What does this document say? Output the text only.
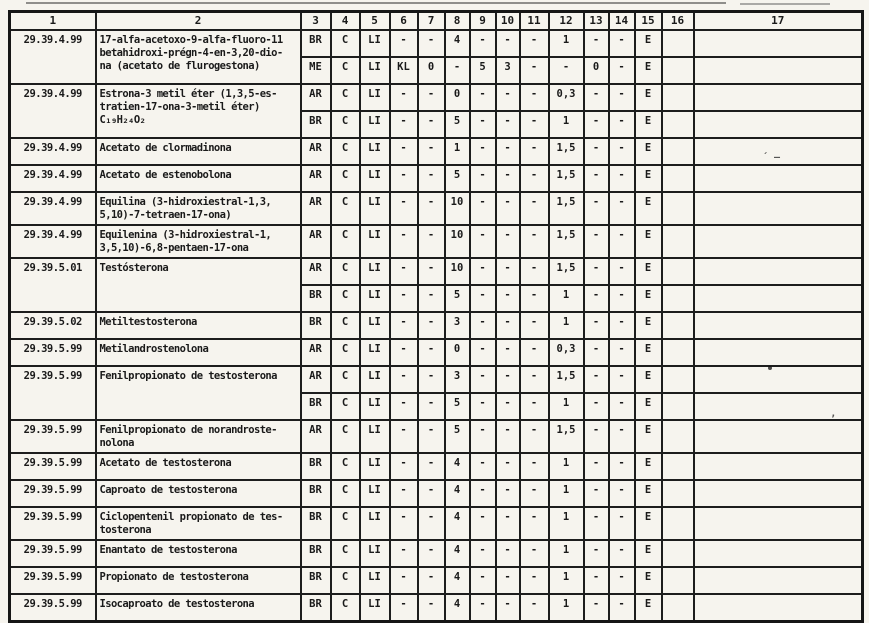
1	2	3	4	5	6	7	8	9	10	11	12	13	14	15	16	17
29.39.4.99	17-alfa-acetoxo-9-alfa-fluoro-11
betahidroxi-prégn-4-en-3,20-dio-
na (acetato de flurogestona)	BR	C	LI	-	-	4	-	-	-	1	-	-	E		
		ME	C	LI	KL	0	-	5	3	-	-	0	-	E		
29.39.4.99	Estrona-3 metil éter (1,3,5-es-
tratien-17-ona-3-metil éter)
C₁₉H₂₄O₂	AR	C	LI	-	-	0	-	-	-	0,3	-	-	E		
		BR	C	LI	-	-	5	-	-	-	1	-	-	E		
29.39.4.99	Acetato de clormadinona	AR	C	LI	-	-	1	-	-	-	1,5	-	-	E		
29.39.4.99	Acetato de estenobolona	AR	C	LI	-	-	5	-	-	-	1,5	-	-	E		
29.39.4.99	Equilina (3-hidroxiestral-1,3,
5,10)-7-tetraen-17-ona)	AR	C	LI	-	-	10	-	-	-	1,5	-	-	E		
29.39.4.99	Equilenina (3-hidroxiestral-1,
3,5,10)-6,8-pentaen-17-ona	AR	C	LI	-	-	10	-	-	-	1,5	-	-	E		
29.39.5.01	Testósterona	AR	C	LI	-	-	10	-	-	-	1,5	-	-	E		
		BR	C	LI	-	-	5	-	-	-	1	-	-	E		
29.39.5.02	Metiltestosterona	BR	C	LI	-	-	3	-	-	-	1	-	-	E		
29.39.5.99	Metilandrostenolona	AR	C	LI	-	-	0	-	-	-	0,3	-	-	E		
29.39.5.99	Fenilpropionato de testosterona	AR	C	LI	-	-	3	-	-	-	1,5	-	-	E		
		BR	C	LI	-	-	5	-	-	-	1	-	-	E		
29.39.5.99	Fenilpropionato de norandroste-
nolona	AR	C	LI	-	-	5	-	-	-	1,5	-	-	E		
29.39.5.99	Acetato de testosterona	BR	C	LI	-	-	4	-	-	-	1	-	-	E		
29.39.5.99	Caproato de testosterona	BR	C	LI	-	-	4	-	-	-	1	-	-	E		
29.39.5.99	Ciclopentenil propionato de tes-
tosterona	BR	C	LI	-	-	4	-	-	-	1	-	-	E		
29.39.5.99	Enantato de testosterona	BR	C	LI	-	-	4	-	-	-	1	-	-	E		
29.39.5.99	Propionato de testosterona	BR	C	LI	-	-	4	-	-	-	1	-	-	E		
29.39.5.99	Isocaproato de testosterona	BR	C	LI	-	-	4	-	-	-	1	-	-	E		
´ —
’
